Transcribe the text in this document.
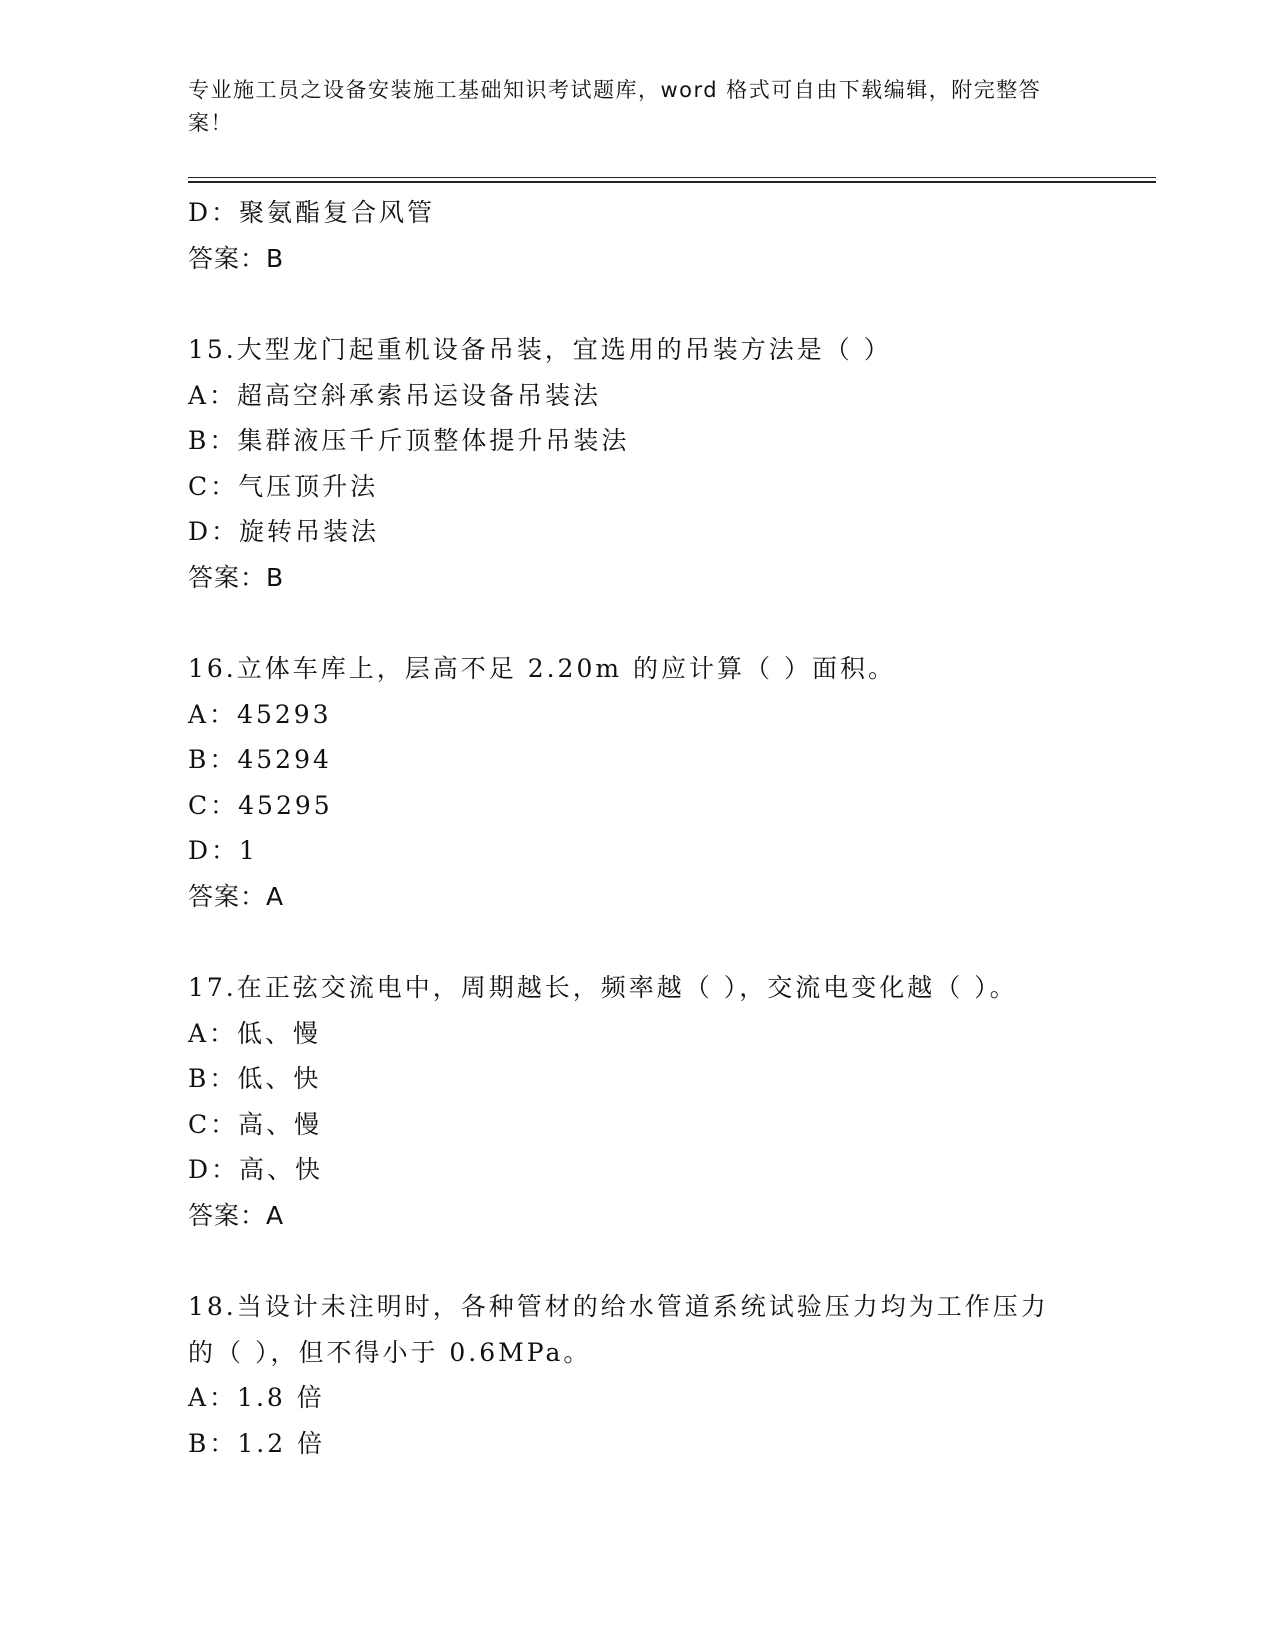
专业施工员之设备安装施工基础知识考试题库，word 格式可自由下载编辑，附完整答案！
D：聚氨酯复合风管
答案：B
15.大型龙门起重机设备吊装，宜选用的吊装方法是（ ）
A：超高空斜承索吊运设备吊装法
B：集群液压千斤顶整体提升吊装法
C：气压顶升法
D：旋转吊装法
答案：B
16.立体车库上，层高不足 2.20m 的应计算（ ）面积。
A：45293
B：45294
C：45295
D：1
答案：A
17.在正弦交流电中，周期越长，频率越（ ），交流电变化越（ ）。
A：低、慢
B：低、快
C：高、慢
D：高、快
答案：A
18.当设计未注明时，各种管材的给水管道系统试验压力均为工作压力的（ ），但不得小于 0.6MPa。
A：1.8 倍
B：1.2 倍
